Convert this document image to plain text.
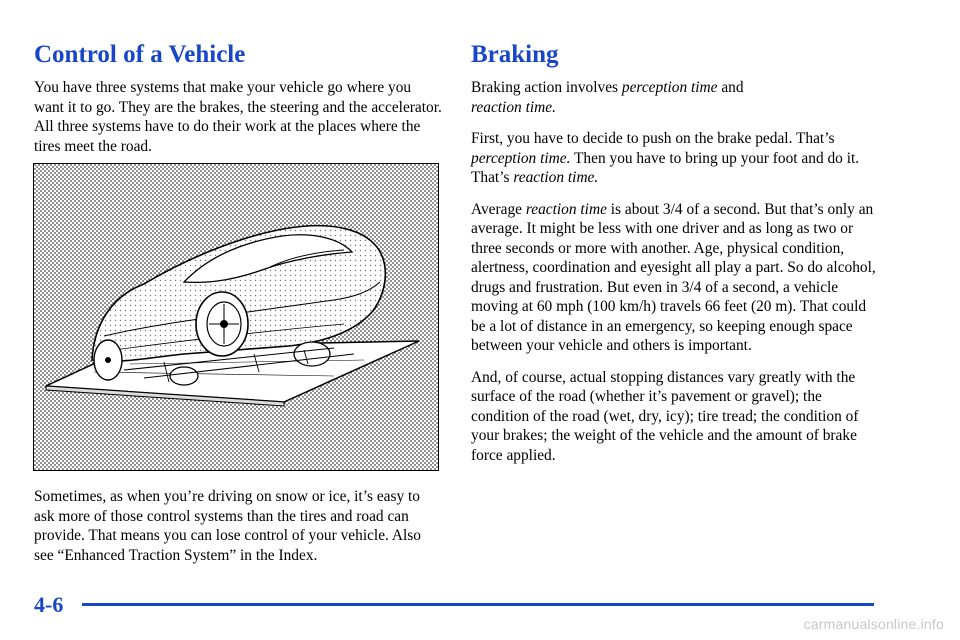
Control of a Vehicle

You have three systems that make your vehicle go where you want it to go. They are the brakes, the steering and the accelerator. All three systems have to do their work at the places where the tires meet the road.

Sometimes, as when you’re driving on snow or ice, it’s easy to ask more of those control systems than the tires and road can provide. That means you can lose control of your vehicle. Also see “Enhanced Traction System” in the Index.

Braking

Braking action involves perception time and
reaction time.

First, you have to decide to push on the brake pedal. That’s perception time. Then you have to bring up your foot and do it. That’s reaction time.

Average reaction time is about 3/4 of a second. But that’s only an average. It might be less with one driver and as long as two or three seconds or more with another. Age, physical condition, alertness, coordination and eyesight all play a part. So do alcohol, drugs and frustration. But even in 3/4 of a second, a vehicle moving at 60 mph (100 km/h) travels 66 feet (20 m). That could be a lot of distance in an emergency, so keeping enough space between your vehicle and others is important.

And, of course, actual stopping distances vary greatly with the surface of the road (whether it’s pavement or gravel); the condition of the road (wet, dry, icy); tire tread; the condition of your brakes; the weight of the vehicle and the amount of brake force applied.

4-6
carmanualsonline.info
